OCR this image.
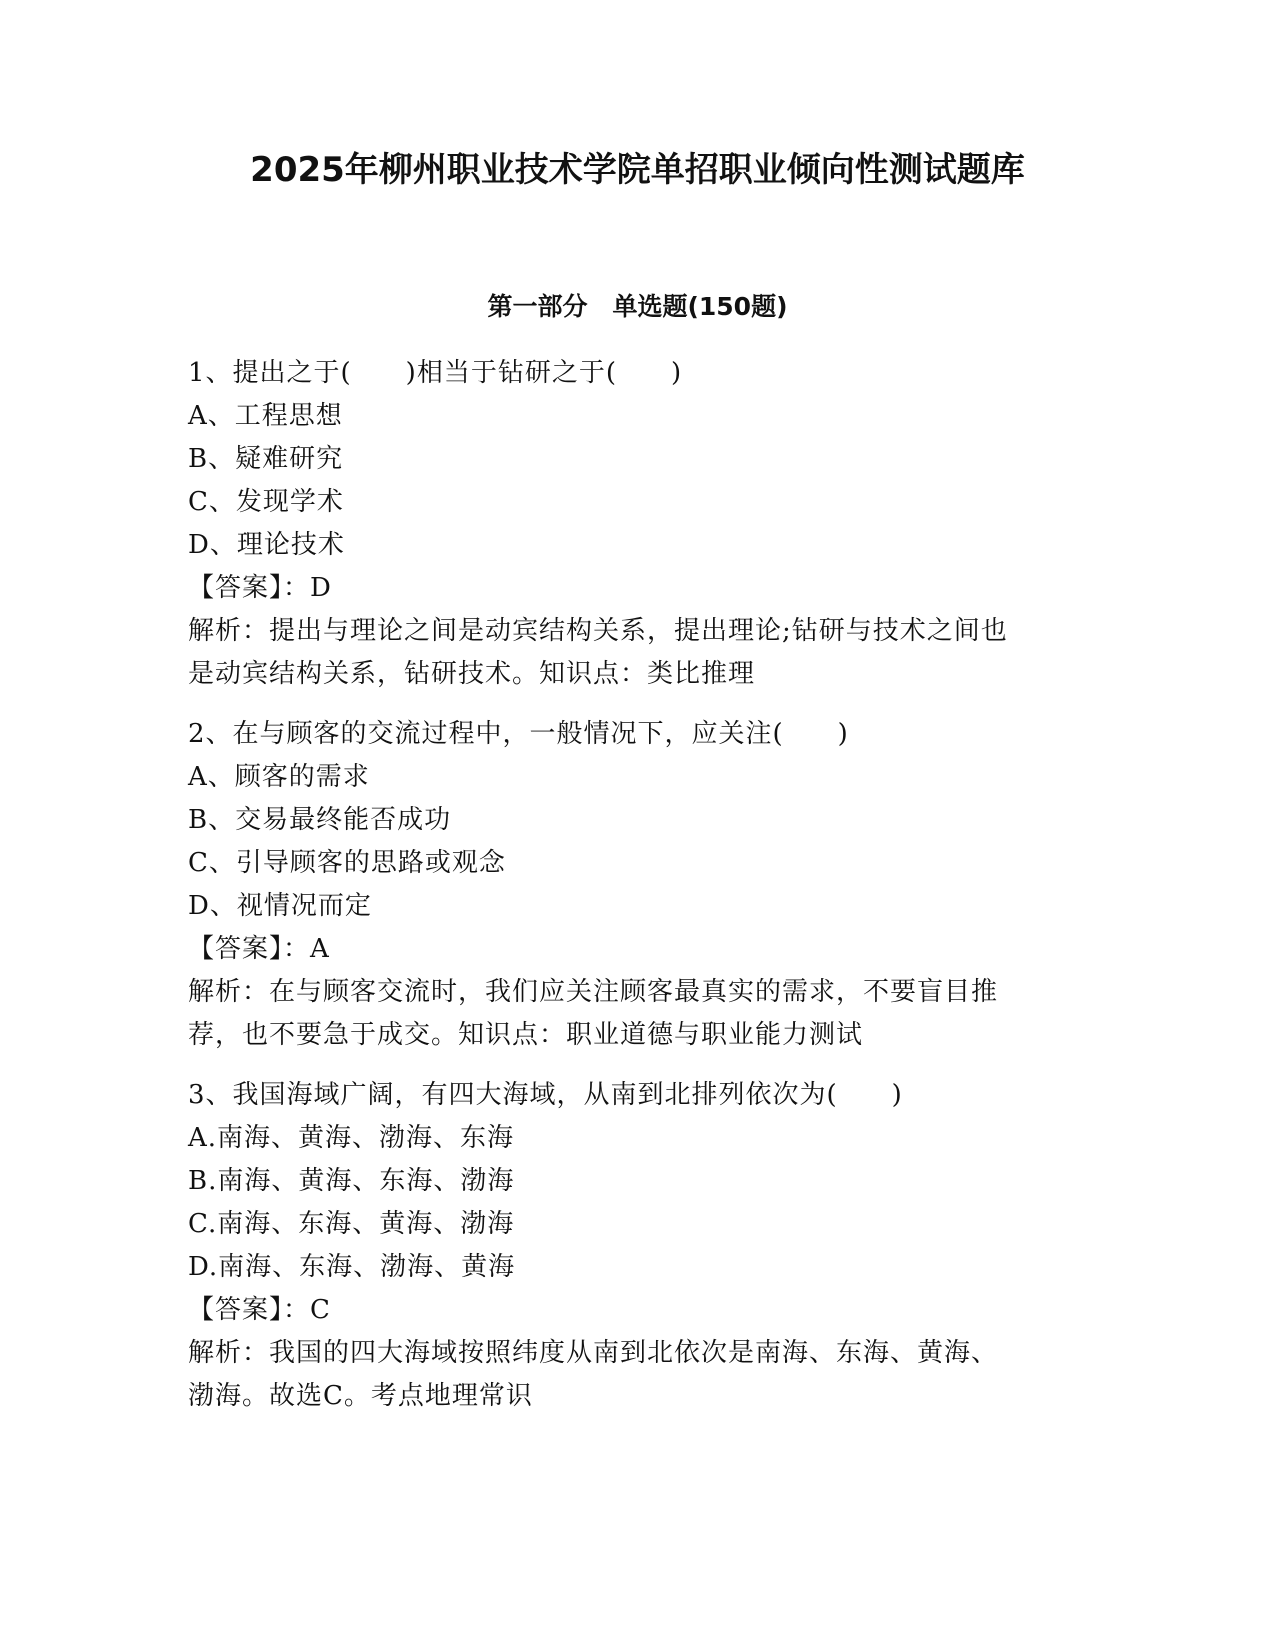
2025年柳州职业技术学院单招职业倾向性测试题库
第一部分　单选题(150题)
1、提出之于(　　)相当于钻研之于(　　)
A、工程思想
B、疑难研究
C、发现学术
D、理论技术
【答案】：D
解析：提出与理论之间是动宾结构关系，提出理论;钻研与技术之间也
是动宾结构关系，钻研技术。知识点：类比推理
2、在与顾客的交流过程中，一般情况下，应关注(　　)
A、顾客的需求
B、交易最终能否成功
C、引导顾客的思路或观念
D、视情况而定
【答案】：A
解析：在与顾客交流时，我们应关注顾客最真实的需求，不要盲目推
荐，也不要急于成交。知识点：职业道德与职业能力测试
3、我国海域广阔，有四大海域，从南到北排列依次为(　　)
A.南海、黄海、渤海、东海
B.南海、黄海、东海、渤海
C.南海、东海、黄海、渤海
D.南海、东海、渤海、黄海
【答案】：C
解析：我国的四大海域按照纬度从南到北依次是南海、东海、黄海、
渤海。故选C。考点地理常识
